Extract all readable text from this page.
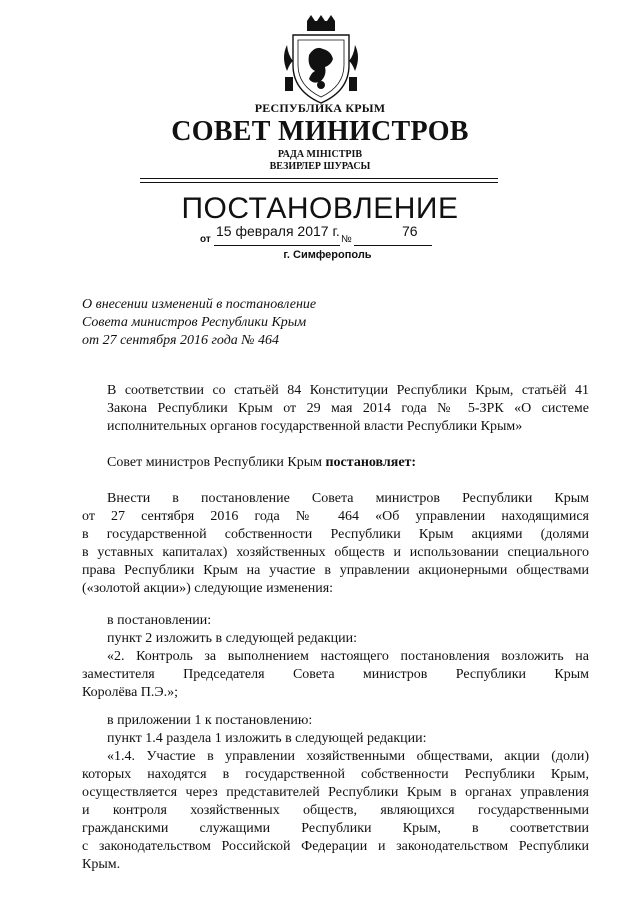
РЕСПУБЛИКА КРЫМ
СОВЕТ МИНИСТРОВ
РАДА МІНІСТРІВ
ВЕЗИРЛЕР ШУРАСЫ
ПОСТАНОВЛЕНИЕ
от
15 февраля 2017 г.
№
76
г. Симферополь
О внесении изменений в постановление
Совета министров Республики Крым
от 27 сентября 2016 года № 464
В соответствии со статьёй 84 Конституции Республики Крым, статьёй 41
Закона Республики Крым от 29 мая 2014 года № 5-ЗРК «О системе
исполнительных органов государственной власти Республики Крым»
Совет министров Республики Крым постановляет:
Внести в постановление Совета министров Республики Крым
от 27 сентября 2016 года № 464 «Об управлении находящимися
в государственной собственности Республики Крым акциями (долями
в уставных капиталах) хозяйственных обществ и использовании специального
права Республики Крым на участие в управлении акционерными обществами
(«золотой акции») следующие изменения:
в постановлении:
пункт 2 изложить в следующей редакции:
«2. Контроль за выполнением настоящего постановления возложить на
заместителя Председателя Совета министров Республики Крым
Королёва П.Э.»;
в приложении 1 к постановлению:
пункт 1.4 раздела 1 изложить в следующей редакции:
«1.4. Участие в управлении хозяйственными обществами, акции (доли)
которых находятся в государственной собственности Республики Крым,
осуществляется через представителей Республики Крым в органах управления
и контроля хозяйственных обществ, являющихся государственными
гражданскими служащими Республики Крым, в соответствии
с законодательством Российской Федерации и законодательством Республики
Крым.
